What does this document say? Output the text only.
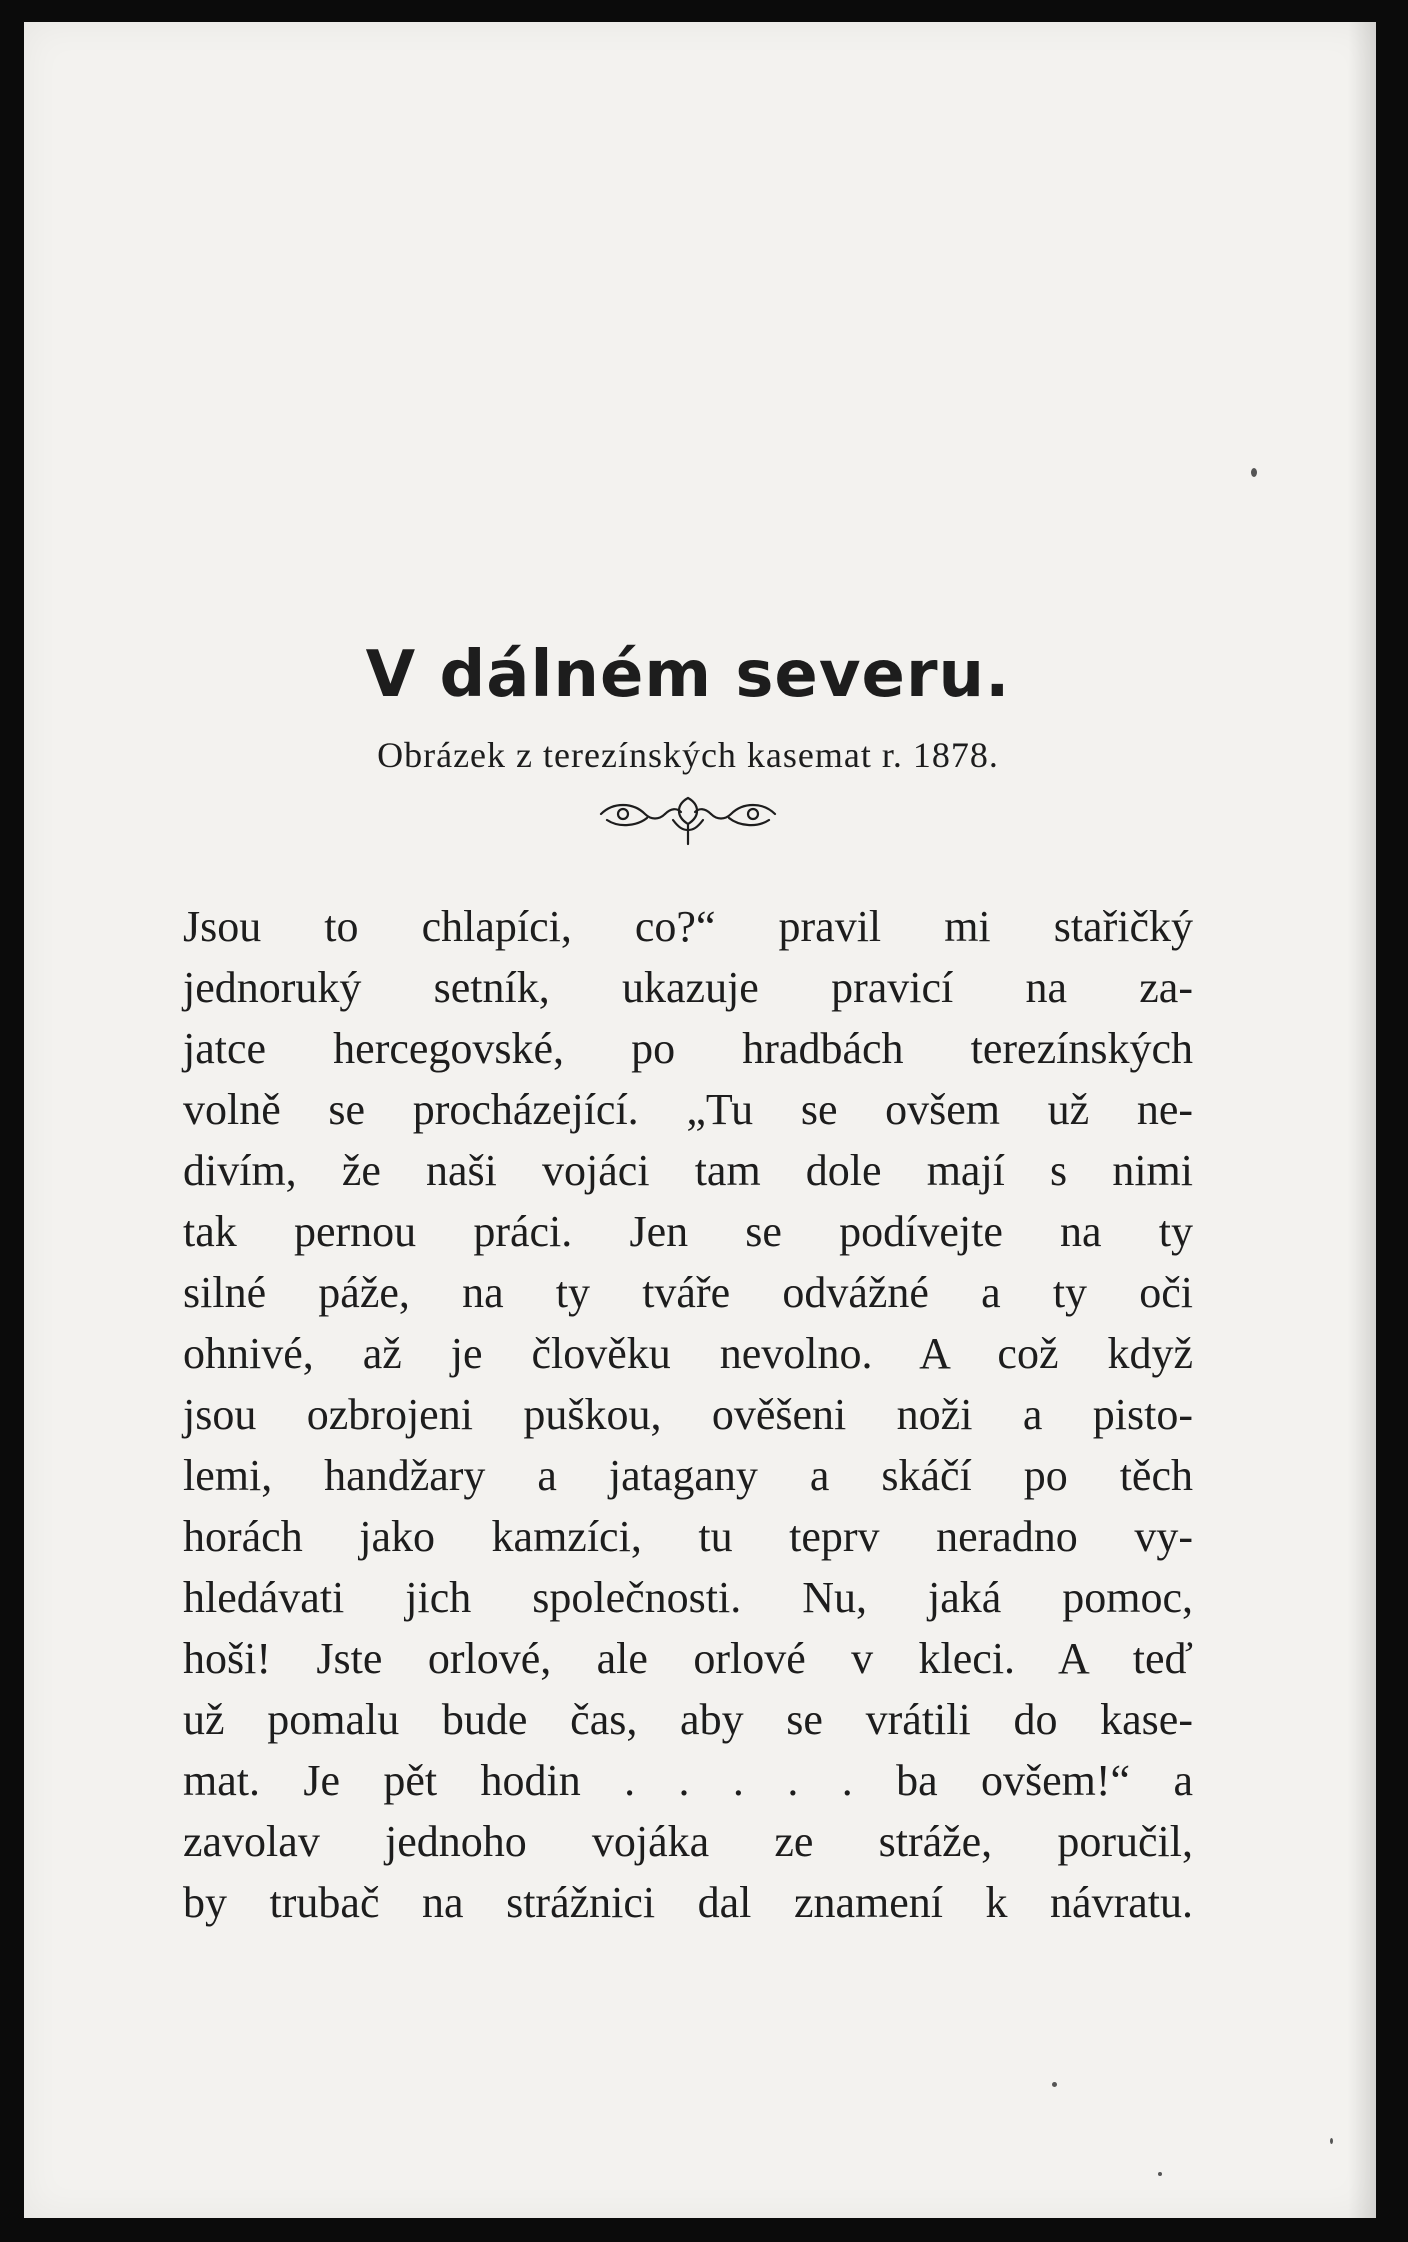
V dálném severu.

Obrázek z terezínských kasemat r. 1878.

Jsou to chlapíci, co?“ pravil mi stařičký
jednoruký setník, ukazuje pravicí na za-
jatce hercegovské, po hradbách terezínských
volně se procházející. „Tu se ovšem už ne-
divím, že naši vojáci tam dole mají s nimi
tak pernou práci. Jen se podívejte na ty
silné páže, na ty tváře odvážné a ty oči
ohnivé, až je člověku nevolno. A což když
jsou ozbrojeni puškou, ověšeni noži a pisto-
lemi, handžary a jatagany a skáčí po těch
horách jako kamzíci, tu teprv neradno vy-
hledávati jich společnosti. Nu, jaká pomoc,
hoši! Jste orlové, ale orlové v kleci. A teď
už pomalu bude čas, aby se vrátili do kase-
mat. Je pět hodin . . . . . ba ovšem!“ a
zavolav jednoho vojáka ze stráže, poručil,
by trubač na strážnici dal znamení k návratu.
